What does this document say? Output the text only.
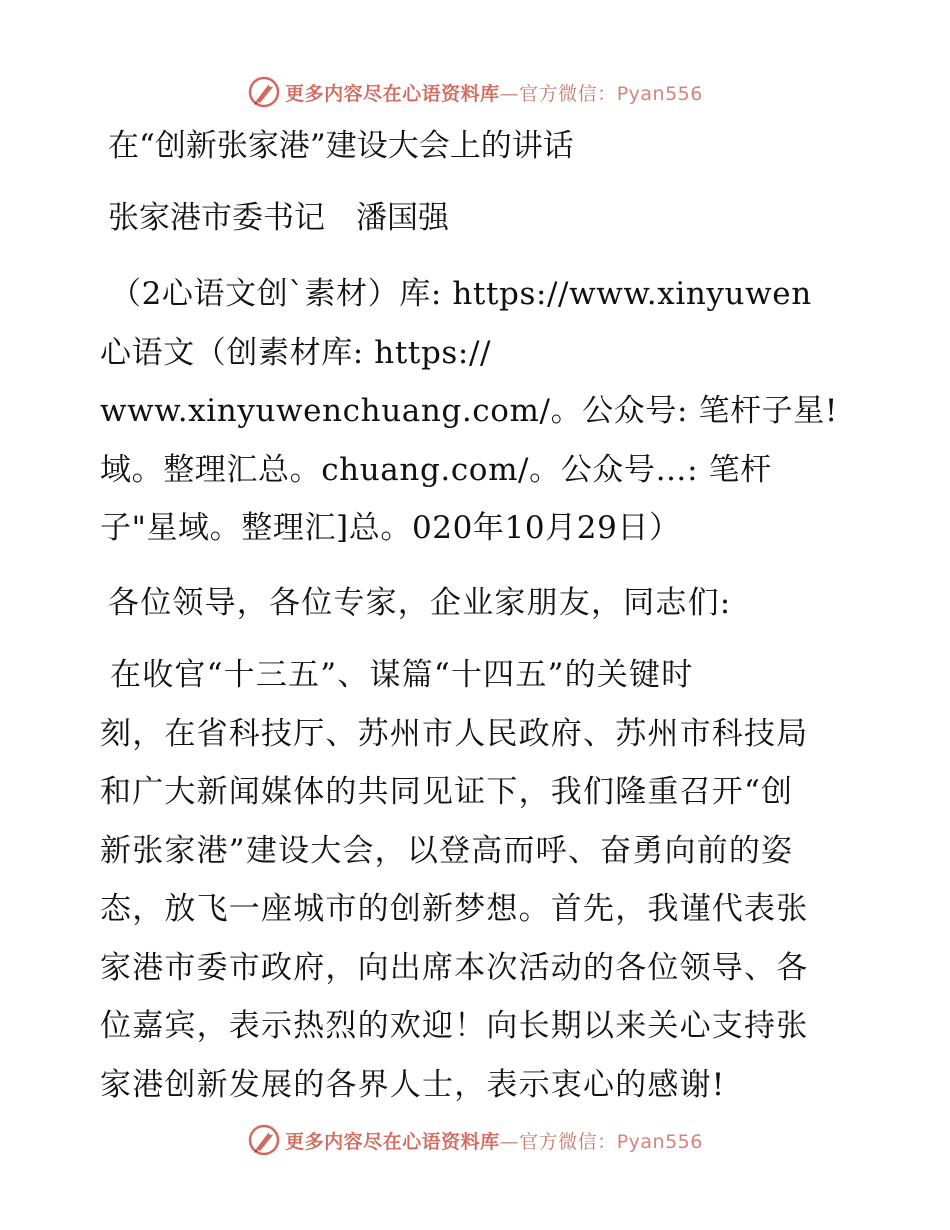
更多内容尽在心语资料库—官方微信：Pyan556
在“创新张家港”建设大会上的讲话
张家港市委书记　潘国强
（2心语文创`素材）库: https://www.xinyuwen
心语文（创素材库: https://
www.xinyuwenchuang.com/。公众号: 笔杆子星!
域。整理汇总。chuang.com/。公众号…: 笔杆
子"星域。整理汇]总。020年10月29日）
各位领导，各位专家，企业家朋友，同志们:
在收官“十三五”、谋篇“十四五”的关键时
刻，在省科技厅、苏州市人民政府、苏州市科技局
和广大新闻媒体的共同见证下，我们隆重召开“创
新张家港”建设大会，以登高而呼、奋勇向前的姿
态，放飞一座城市的创新梦想。首先，我谨代表张
家港市委市政府，向出席本次活动的各位领导、各
位嘉宾，表示热烈的欢迎！向长期以来关心支持张
家港创新发展的各界人士，表示衷心的感谢!
更多内容尽在心语资料库—官方微信：Pyan556
